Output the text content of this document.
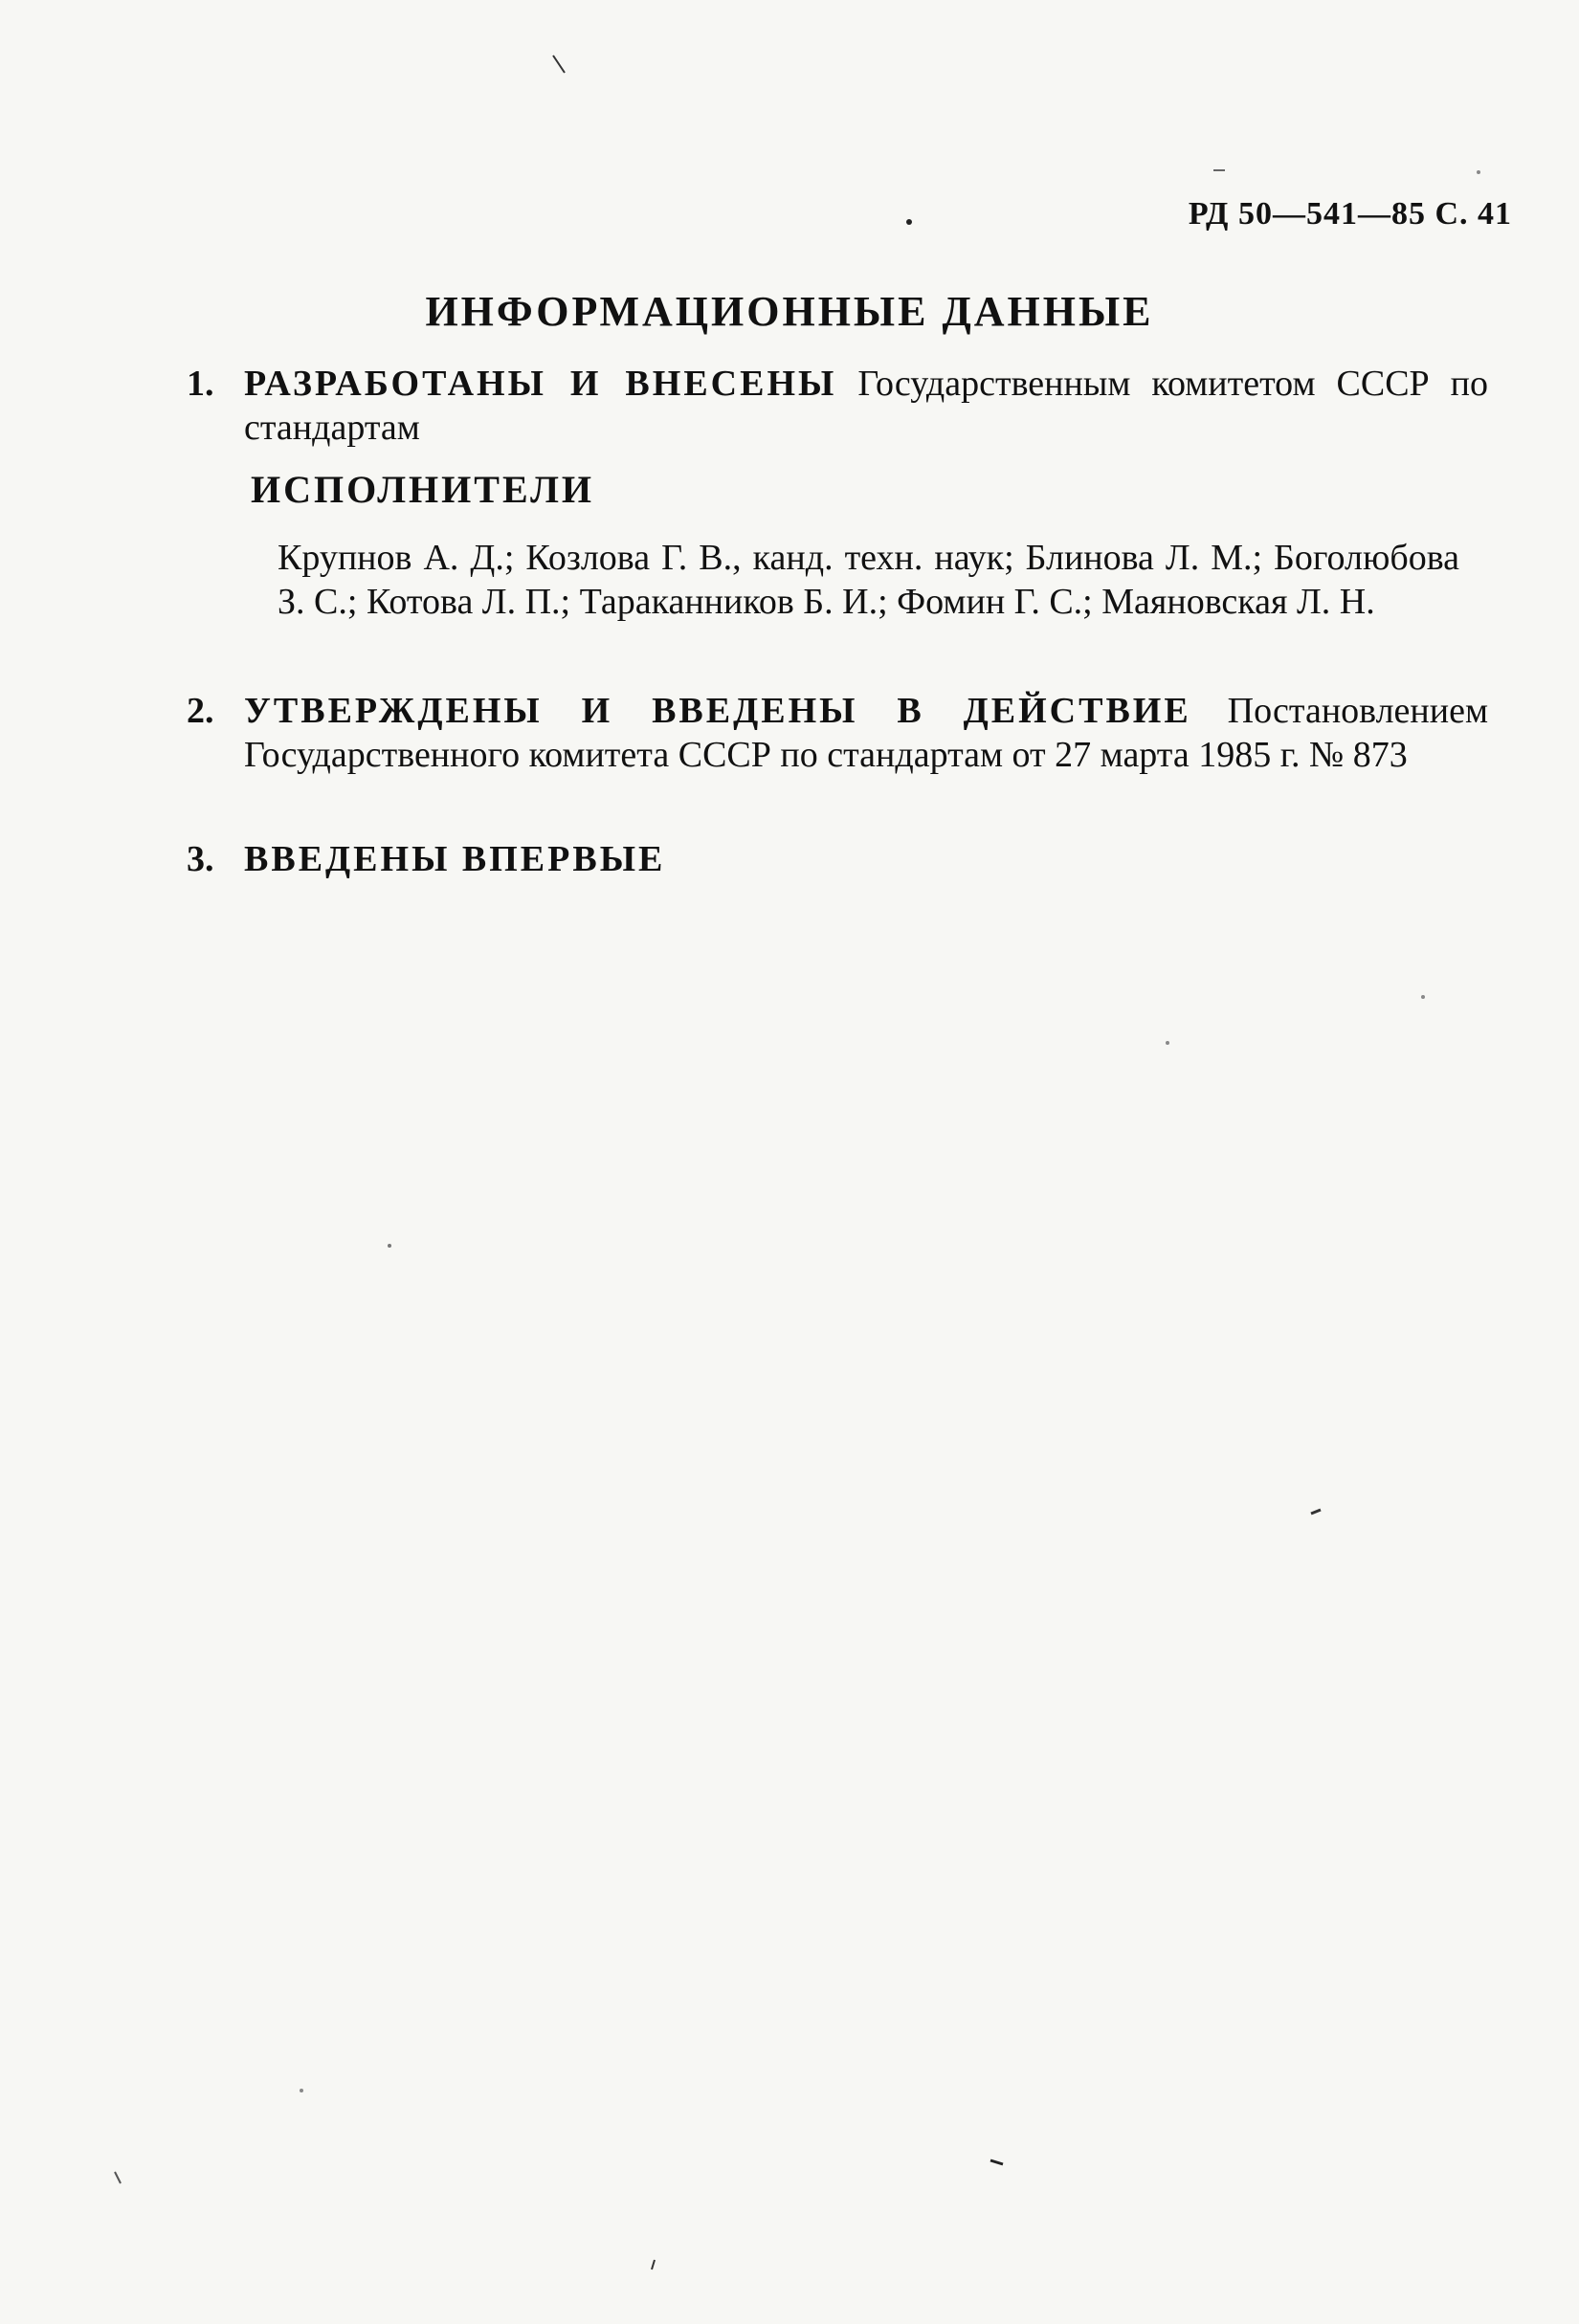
РД 50—541—85 С. 41
ИНФОРМАЦИОННЫЕ ДАННЫЕ
1. РАЗРАБОТАНЫ И ВНЕСЕНЫ Государственным комитетом СССР по стандартам
ИСПОЛНИТЕЛИ
Крупнов А. Д.; Козлова Г. В., канд. техн. наук; Блинова Л. М.; Боголюбова З. С.; Котова Л. П.; Тараканников Б. И.; Фомин Г. С.; Маяновская Л. Н.
2. УТВЕРЖДЕНЫ И ВВЕДЕНЫ В ДЕЙСТВИЕ Постановлением Государственного комитета СССР по стандартам от 27 марта 1985 г. № 873
3. ВВЕДЕНЫ ВПЕРВЫЕ
